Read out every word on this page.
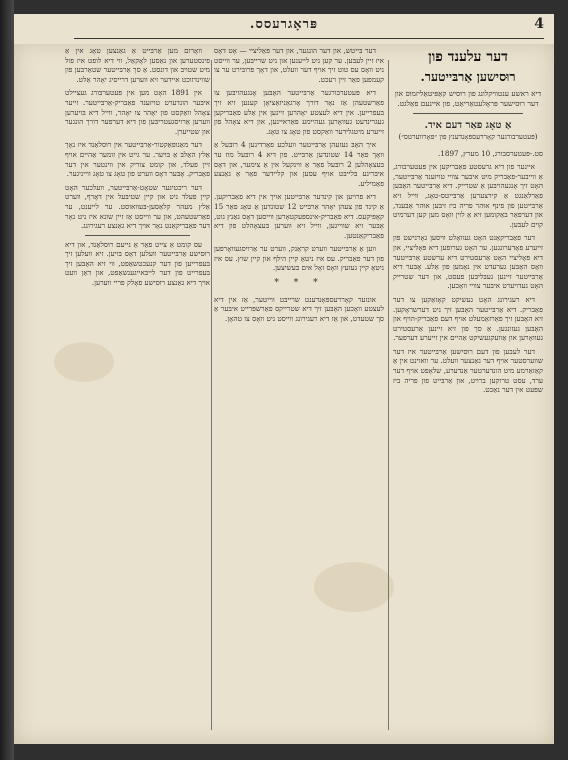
פּראָגרעסס.	4
דער עלענד פון
רוּסישען אַרבּייטער.
דיא ראשע ענטוויקלונג פון רוּסיש קאַפּיטאַליזמוס און דער רוּסישער פּראָלעטאַריאַט, פון איינעם פאַלגט.
אַ טאָג פאַר דעם איד.
(פּעטערבורגער קאָררעספּאָנדענץ פון ״פאָרווערטס״)
סט.-פּעטערסבורג, 10 מערץ, 1897.

איינער פון דיא גרעסטע פאַבריקען אין פּעטערבורג, אַ ווייבער-פאַבריק מיט איבער צוויי טויזענד אַרבּייטער, האָט זיך אָנגעהויבּען אַ שטרייק. דיא אַרבּייטער האָבּען פאַרלאַנגט אַ קירצערען אַרבּייטס-טאָג, ווייל זיא אַרבּייטען פון פינף אוּהר פריה ביז זיבּען אוּהר אַבענד, און דערפאַר באַקומען זיא אַ לוין וואָס מען קען דערמיט קוים לעבּען.

דער פאַבריקאַנט האָט געוואָלט וויסען גאָרנישט פון זייערע פאָדערונגען. ער האָט גערופען דיא פּאָליציי, און דיא פּאָליציי האָט אַרעסטירט דיא ערשטע אַרבּייטער וואָס האָבּען גערעדט אין נאָמען פון אַלע. אָבּער דיא אַרבּייטער זיינען געבּליבּען פעסט, און דער שטרייק האָט געדויערט איבּער צוויי וואָכען.

דיא רעגירונג האָט געשיקט קאָזאַקען צו דער פאַבריק. דיא אַרבּייטער האָבּען זיך ניט דערשראָקען. זיא האָבּען זיך פאַרזאַמעלט אויף דעם פאַבריק-הויף און האָבּען געזונגען. אַ סך פון זיא זיינען אַרעסטירט געוואָרען און אַוועקגעשיקט אַהיים אין זייערע דערפער.

דער לעבען פון דעם רוּסישען אַרבּייטער איז דער שווערסטער אויף דער גאַנצער וועלט. ער וואוינט אין אַ קאַזאַרמע מיט הונדערטער אַנדערע, שלאָפט אויף דער ערד, עסט טרוקען ברויט, און אַרבּייט פון פריה ביז שפּעט אין דער נאַכט.

דער בּייטש, און דער הונגער, און דער פּאַליציי — אָט דאָס איז זיין לעבּען. ער קען ניט לייענען און ניט שרייבּען, ער ווייסט ניט וואָס עס טוט זיך אויף דער וועלט, און דאָך פּרובּירט ער צו קעמפען פאַר זיין רעכט.

דיא פּעטערבּורגער אַרבּייטער האָבּען אָנגעהויבּען צו פאַרשטעהן אַז נאָר דורך אָרגאַניזאַציאָן קענען זיא זיך בּעפרייען. אין דיא לעצטע יאָהרען זיינען אין אַלע פאַבריקען געגרינדעט געוואָרען געהיימע פאַראיינען, און דיא צאָהל פון זייערע מיטגלידער וואַקסט פון טאָג צו טאָג.

איך האָבּ געזעהן אַרבּייטער וועלכע פאַרדינען 4 רובּעל אַ וואָך פאַר 14 שטונדען אַרבּייט. פון דיא 4 רובּעל מוז ער בּעצאָהלען 2 רובּעל פאַר אַ ווינקעל אין אַ צימער, און דאָס איבּריגע בּלייבּט אויף עסען און קליידער פאַר אַ גאַנצע פאַמיליע.

דיא פרויען און קינדער אַרבּייטען אויך אין דיא פאַבריקען. אַ קינד פון צעהן יאָהר אַרבּייט 12 שטונדען אַ טאָג פאַר 15 קאָפּיקעס. דיא פאַבריק-אינספּעקטאָרען ווייסען דאָס גאַנץ גוט, אָבּער זיא שווייגען, ווייל זיא ווערען בּעצאָהלט פון דיא פאַבריקאַנטען.

ווען אַ אַרבּייטער ווערט קראַנק, ווערט ער אַרויסגעוואָרפען פון דער פאַבריק. עס איז ניטאָ קיין הילף און קיין שוץ. עס איז ניטאָ קיין געזעץ וואָס זאָל אים בּעשיצען.

* * *

אונזער קאָררעספּאָנדענט שרייבּט ווייטער, אַז אין דיא לעצטע וואָכען האָבּען זיך דיא שטרייקס פאַרשפּרייט איבּער אַ סך שטעדט, און אַז דיא רעגירונג ווייסט ניט וואָס צו טהאָן.

וואָרום מען אַרבּייט אַ גאַנצען טאָג אין אַ פינסטערען און נאַסען לאָקאַל, ווי דיא לופט איז פול מיט שטויבּ און דונסט. אַ סך אַרבּייטער שטאַרבּען פון שווינדזוכט איידער זיא ווערען דרייסיג יאָהר אַלט.

אין 1891 האָט מען אין פּעטערבּורג געציילט איבּער הונדערט טויזענד פאַבריק-אַרבּייטער. זייער צאָהל וואַקסט פון יאָהר צו יאָהר, ווייל דיא בּויערען ווערען אַרויסגעטריבּען פון דיא דערפער דורך הונגער און שטייערן.

דער מאַנופאַקטור-אַרבּייטער אין רוּסלאַנד איז נאָך אַלץ האַלבּ אַ בּויער. ער גייט אין זומער אַהיים אויף זיין פעלד, און קומט צוריק אין ווינטער אין דער פאַבריק. אָבּער דאָס ווערט פון טאָג צו טאָג ווייניגער.

דער ריכטיגער שטאָט-אַרבּייטער, וועלכער האָט קיין פעלד ניט און קיין שטיבּעל אין דאָרף, ווערט אַלץ מעהר קלאַסען-בּעוואוסט. ער לייענט, ער פאַרשטעהט, און ער ווייסט אַז זיין שונא איז ניט נאָר דער פאַבריקאַנט נאָר אויך דיא גאַנצע רעגירונג.

עס קומט אַ צייט פאַר אַ נייעם רוּסלאַנד, און דיא רוּסישע אַרבּייטער וועלען דאָס בּויען. זיא וועלען זיך בּעפרייען פון דער קנעכטשאַפט, ווי זיא האָבּען זיך בּעפרייט פון דער לייבּאייגענשאַפט, און דאַן וועט אויך דיא גאַנצע רוּסישע פאָלק פריי ווערען.
